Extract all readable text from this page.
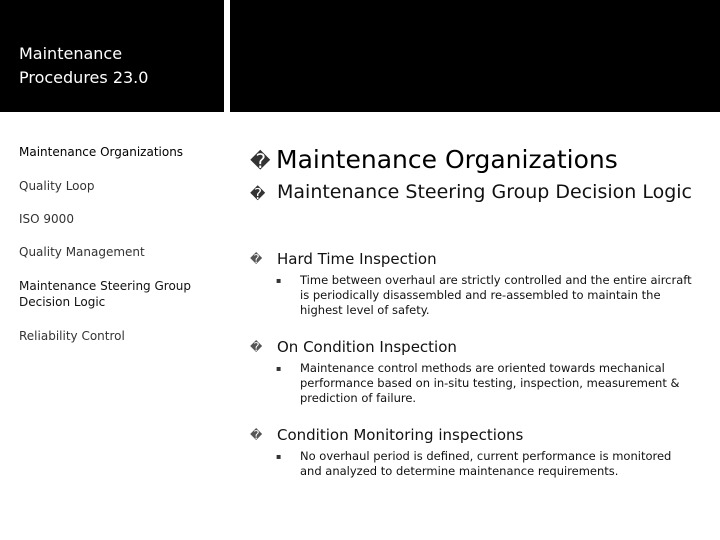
Maintenance
Procedures 23.0
Maintenance Organizations
Quality Loop
ISO 9000
Quality Management
Maintenance Steering Group Decision Logic
Reliability Control
� Maintenance Organizations
� Maintenance Steering Group Decision Logic
� Hard Time Inspection
▪	Time between overhaul are strictly controlled and the entire aircraft is periodically disassembled and re-assembled to maintain the highest level of safety.
� On Condition Inspection
▪	Maintenance control methods are oriented towards mechanical performance based on in-situ testing, inspection, measurement & prediction of failure.
� Condition Monitoring inspections
▪	No overhaul period is defined, current performance is monitored and analyzed to determine maintenance requirements.
